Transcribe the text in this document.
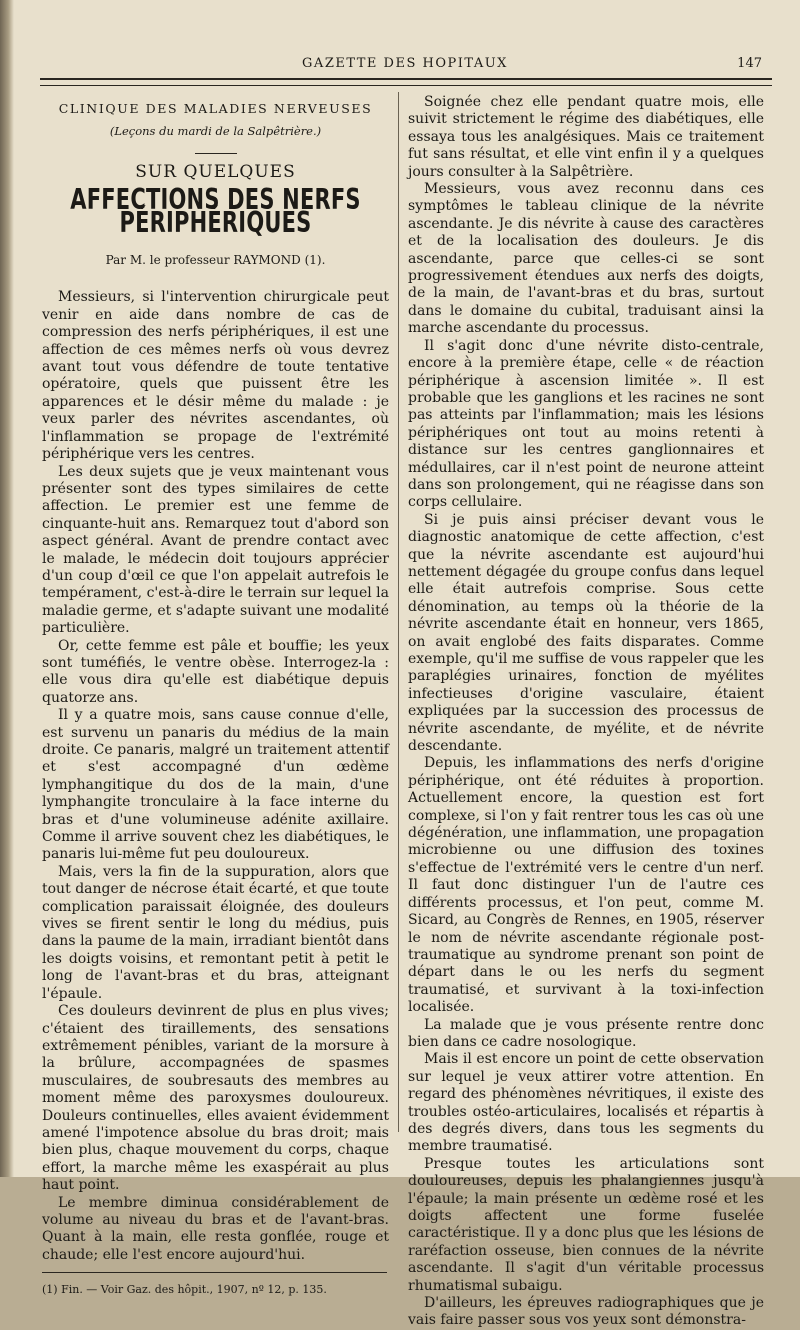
GAZETTE DES HOPITAUX	147
CLINIQUE DES MALADIES NERVEUSES
(Leçons du mardi de la Salpêtrière.)
SUR QUELQUES
AFFECTIONS DES NERFS PÉRIPHÉRIQUES
Par M. le professeur RAYMOND (1).

Messieurs, si l'intervention chirurgicale peut venir en aide dans nombre de cas de compression des nerfs périphériques, il est une affection de ces mêmes nerfs où vous devrez avant tout vous défendre de toute tentative opératoire, quels que puissent être les apparences et le désir même du malade : je veux parler des névrites ascendantes, où l'inflammation se propage de l'extrémité périphérique vers les centres.

Les deux sujets que je veux maintenant vous présenter sont des types similaires de cette affection. Le premier est une femme de cinquante-huit ans. Remarquez tout d'abord son aspect général. Avant de prendre contact avec le malade, le médecin doit toujours apprécier d'un coup d'œil ce que l'on appelait autrefois le tempérament, c'est-à-dire le terrain sur lequel la maladie germe, et s'adapte suivant une modalité particulière.

Or, cette femme est pâle et bouffie; les yeux sont tuméfiés, le ventre obèse. Interrogez-la : elle vous dira qu'elle est diabétique depuis quatorze ans.

Il y a quatre mois, sans cause connue d'elle, est survenu un panaris du médius de la main droite. Ce panaris, malgré un traitement attentif et s'est accompagné d'un œdème lymphangitique du dos de la main, d'une lymphangite tronculaire à la face interne du bras et d'une volumineuse adénite axillaire. Comme il arrive souvent chez les diabétiques, le panaris lui-même fut peu douloureux.

Mais, vers la fin de la suppuration, alors que tout danger de nécrose était écarté, et que toute complication paraissait éloignée, des douleurs vives se firent sentir le long du médius, puis dans la paume de la main, irradiant bientôt dans les doigts voisins, et remontant petit à petit le long de l'avant-bras et du bras, atteignant l'épaule.

Ces douleurs devinrent de plus en plus vives; c'étaient des tiraillements, des sensations extrêmement pénibles, variant de la morsure à la brûlure, accompagnées de spasmes musculaires, de soubresauts des membres au moment même des paroxysmes douloureux. Douleurs continuelles, elles avaient évidemment amené l'impotence absolue du bras droit; mais bien plus, chaque mouvement du corps, chaque effort, la marche même les exaspérait au plus haut point.

Le membre diminua considérablement de volume au niveau du bras et de l'avant-bras. Quant à la main, elle resta gonflée, rouge et chaude; elle l'est encore aujourd'hui.

(1) Fin. — Voir Gaz. des hôpit., 1907, nº 12, p. 135.

Soignée chez elle pendant quatre mois, elle suivit strictement le régime des diabétiques, elle essaya tous les analgésiques. Mais ce traitement fut sans résultat, et elle vint enfin il y a quelques jours consulter à la Salpêtrière.

Messieurs, vous avez reconnu dans ces symptômes le tableau clinique de la névrite ascendante. Je dis névrite à cause des caractères et de la localisation des douleurs. Je dis ascendante, parce que celles-ci se sont progressivement étendues aux nerfs des doigts, de la main, de l'avant-bras et du bras, surtout dans le domaine du cubital, traduisant ainsi la marche ascendante du processus.

Il s'agit donc d'une névrite disto-centrale, encore à la première étape, celle « de réaction périphérique à ascension limitée ». Il est probable que les ganglions et les racines ne sont pas atteints par l'inflammation; mais les lésions périphériques ont tout au moins retenti à distance sur les centres ganglionnaires et médullaires, car il n'est point de neurone atteint dans son prolongement, qui ne réagisse dans son corps cellulaire.

Si je puis ainsi préciser devant vous le diagnostic anatomique de cette affection, c'est que la névrite ascendante est aujourd'hui nettement dégagée du groupe confus dans lequel elle était autrefois comprise. Sous cette dénomination, au temps où la théorie de la névrite ascendante était en honneur, vers 1865, on avait englobé des faits disparates. Comme exemple, qu'il me suffise de vous rappeler que les paraplégies urinaires, fonction de myélites infectieuses d'origine vasculaire, étaient expliquées par la succession des processus de névrite ascendante, de myélite, et de névrite descendante.

Depuis, les inflammations des nerfs d'origine périphérique, ont été réduites à proportion. Actuellement encore, la question est fort complexe, si l'on y fait rentrer tous les cas où une dégénération, une inflammation, une propagation microbienne ou une diffusion des toxines s'effectue de l'extrémité vers le centre d'un nerf. Il faut donc distinguer l'un de l'autre ces différents processus, et l'on peut, comme M. Sicard, au Congrès de Rennes, en 1905, réserver le nom de névrite ascendante régionale post-traumatique au syndrome prenant son point de départ dans le ou les nerfs du segment traumatisé, et survivant à la toxi-infection localisée.

La malade que je vous présente rentre donc bien dans ce cadre nosologique.

Mais il est encore un point de cette observation sur lequel je veux attirer votre attention. En regard des phénomènes névritiques, il existe des troubles ostéo-articulaires, localisés et répartis à des degrés divers, dans tous les segments du membre traumatisé.

Presque toutes les articulations sont douloureuses, depuis les phalangiennes jusqu'à l'épaule; la main présente un œdème rosé et les doigts affectent une forme fuselée caractéristique. Il y a donc plus que les lésions de raréfaction osseuse, bien connues de la névrite ascendante. Il s'agit d'un véritable processus rhumatismal subaigu.

D'ailleurs, les épreuves radiographiques que je vais faire passer sous vos yeux sont démonstra-
